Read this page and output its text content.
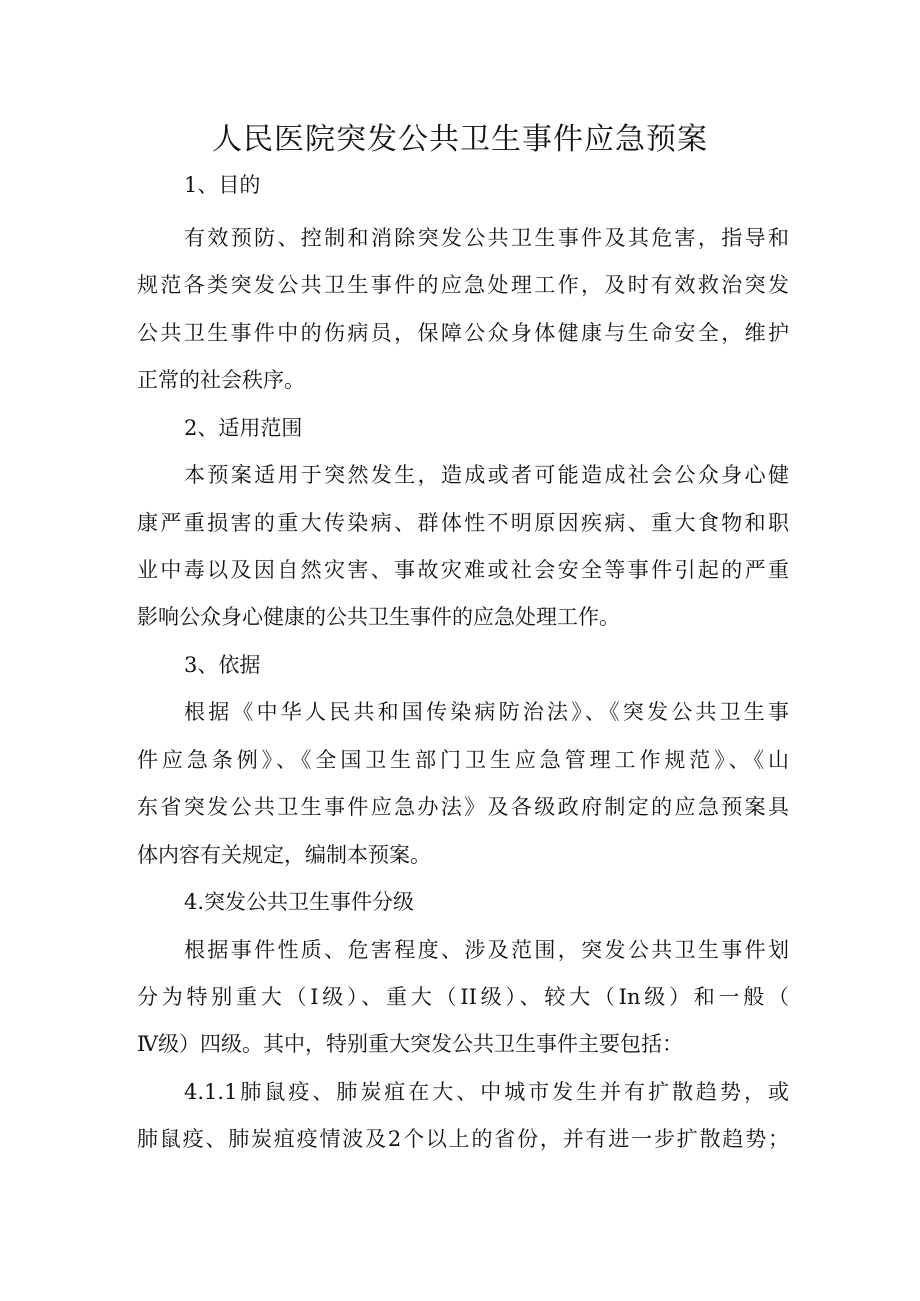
人民医院突发公共卫生事件应急预案
1、目的
有效预防、控制和消除突发公共卫生事件及其危害，指导和
规范各类突发公共卫生事件的应急处理工作，及时有效救治突发
公共卫生事件中的伤病员，保障公众身体健康与生命安全，维护
正常的社会秩序。
2、适用范围
本预案适用于突然发生，造成或者可能造成社会公众身心健
康严重损害的重大传染病、群体性不明原因疾病、重大食物和职
业中毒以及因自然灾害、事故灾难或社会安全等事件引起的严重
影响公众身心健康的公共卫生事件的应急处理工作。
3、依据
根据《中华人民共和国传染病防治法》、《突发公共卫生事
件应急条例》、《全国卫生部门卫生应急管理工作规范》、《山
东省突发公共卫生事件应急办法》及各级政府制定的应急预案具
体内容有关规定，编制本预案。
4.突发公共卫生事件分级
根据事件性质、危害程度、涉及范围，突发公共卫生事件划
分为特别重大（Ⅰ级）、重大（II级）、较大（In级）和一般（
Ⅳ级）四级。其中，特别重大突发公共卫生事件主要包括：
4.1.1肺鼠疫、肺炭疽在大、中城市发生并有扩散趋势，或
肺鼠疫、肺炭疽疫情波及2个以上的省份，并有进一步扩散趋势；
